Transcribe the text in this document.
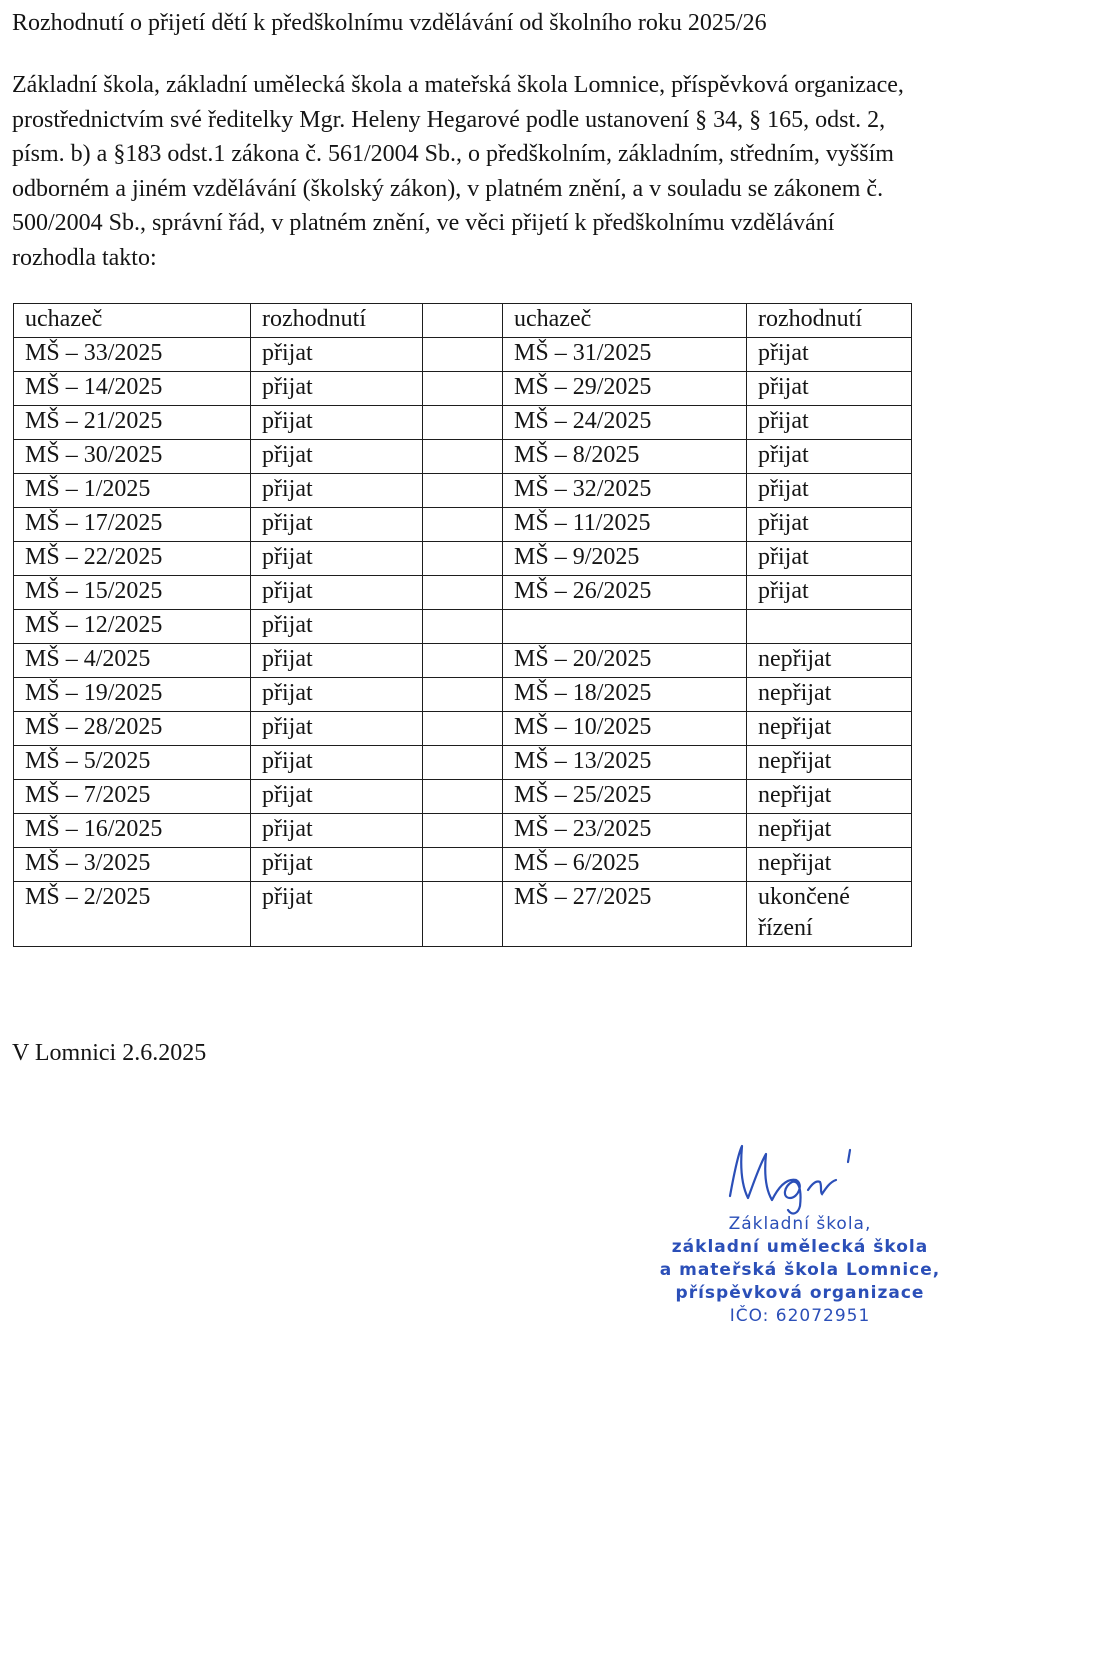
Rozhodnutí o přijetí dětí k předškolnímu vzdělávání od školního roku 2025/26
Základní škola, základní umělecká škola a mateřská škola Lomnice, příspěvková organizace,
prostřednictvím své ředitelky Mgr. Heleny Hegarové podle ustanovení § 34, § 165, odst. 2,
písm. b) a §183 odst.1 zákona č. 561/2004 Sb., o předškolním, základním, středním, vyšším
odborném a jiném vzdělávání (školský zákon), v platném znění, a v souladu se zákonem č.
500/2004 Sb., správní řád, v platném znění, ve věci přijetí k předškolnímu vzdělávání
rozhodla takto:
uchazeč	rozhodnutí		uchazeč	rozhodnutí
MŠ – 33/2025	přijat		MŠ – 31/2025	přijat
MŠ – 14/2025	přijat		MŠ – 29/2025	přijat
MŠ – 21/2025	přijat		MŠ – 24/2025	přijat
MŠ – 30/2025	přijat		MŠ – 8/2025	přijat
MŠ – 1/2025	přijat		MŠ – 32/2025	přijat
MŠ – 17/2025	přijat		MŠ – 11/2025	přijat
MŠ – 22/2025	přijat		MŠ – 9/2025	přijat
MŠ – 15/2025	přijat		MŠ – 26/2025	přijat
MŠ – 12/2025	přijat			
MŠ – 4/2025	přijat		MŠ – 20/2025	nepřijat
MŠ – 19/2025	přijat		MŠ – 18/2025	nepřijat
MŠ – 28/2025	přijat		MŠ – 10/2025	nepřijat
MŠ – 5/2025	přijat		MŠ – 13/2025	nepřijat
MŠ – 7/2025	přijat		MŠ – 25/2025	nepřijat
MŠ – 16/2025	přijat		MŠ – 23/2025	nepřijat
MŠ – 3/2025	přijat		MŠ – 6/2025	nepřijat
MŠ – 2/2025	přijat		MŠ – 27/2025	ukončené
řízení
V Lomnici 2.6.2025
Základní škola,
základní umělecká škola
a mateřská škola Lomnice,
příspěvková organizace
IČO: 62072951
